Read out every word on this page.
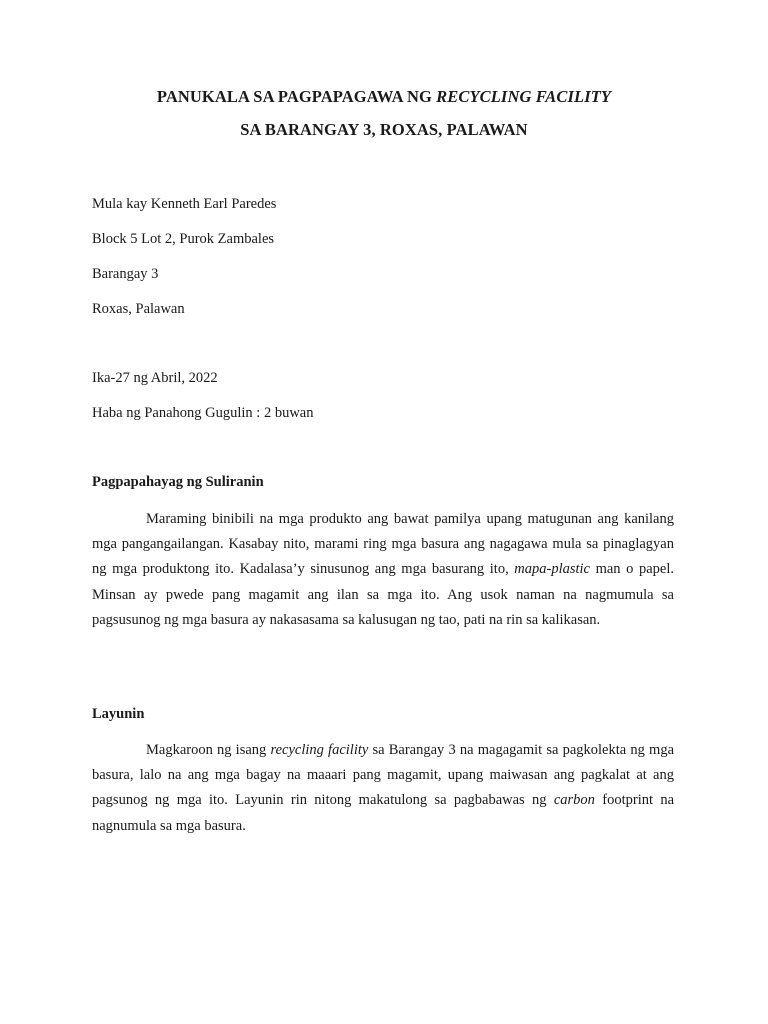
PANUKALA SA PAGPAPAGAWA NG RECYCLING FACILITY
SA BARANGAY 3, ROXAS, PALAWAN
Mula kay Kenneth Earl Paredes
Block 5 Lot 2, Purok Zambales
Barangay 3
Roxas, Palawan
Ika-27 ng Abril, 2022
Haba ng Panahong Gugulin : 2 buwan
Pagpapahayag ng Suliranin
Maraming binibili na mga produkto ang bawat pamilya upang matugunan ang kanilang mga pangangailangan. Kasabay nito, marami ring mga basura ang nagagawa mula sa pinaglagyan ng mga produktong ito. Kadalasa’y sinusunog ang mga basurang ito, mapa-plastic man o papel. Minsan ay pwede pang magamit ang ilan sa mga ito. Ang usok naman na nagmumula sa pagsusunog ng mga basura ay nakasasama sa kalusugan ng tao, pati na rin sa kalikasan.
Layunin
Magkaroon ng isang recycling facility sa Barangay 3 na magagamit sa pagkolekta ng mga basura, lalo na ang mga bagay na maaari pang magamit, upang maiwasan ang pagkalat at ang pagsunog ng mga ito. Layunin rin nitong makatulong sa pagbabawas ng carbon footprint na nagnumula sa mga basura.
